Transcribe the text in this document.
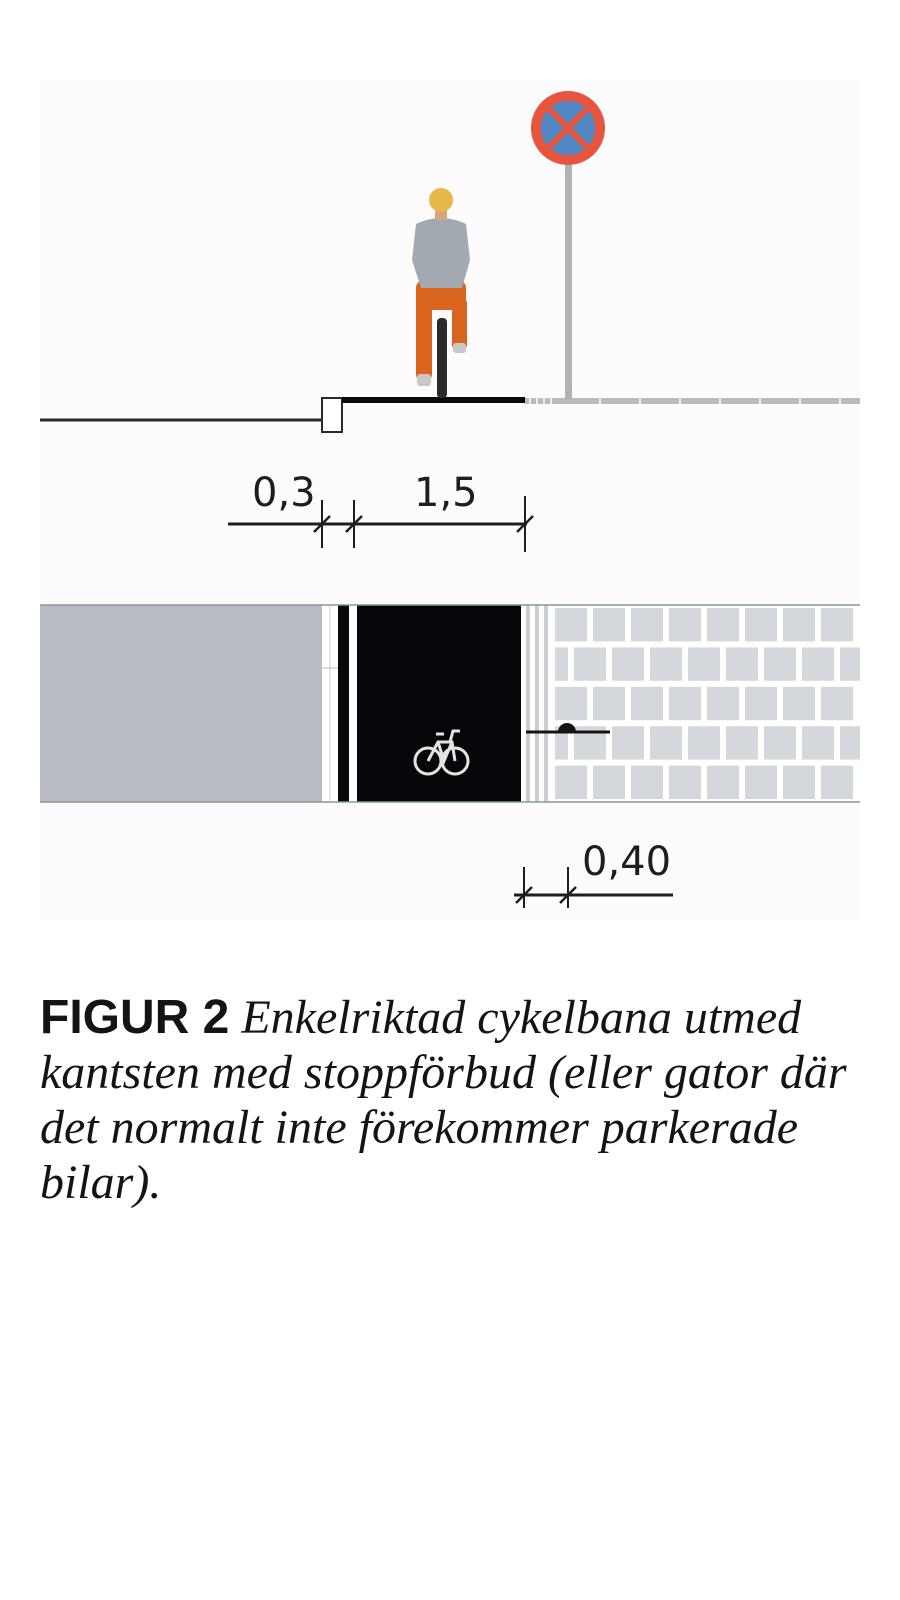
0,3 1,5
0,40
FIGUR 2 Enkelriktad cykelbana utmed kantsten med stoppförbud (eller gator där det normalt inte förekommer parkerade bilar).
